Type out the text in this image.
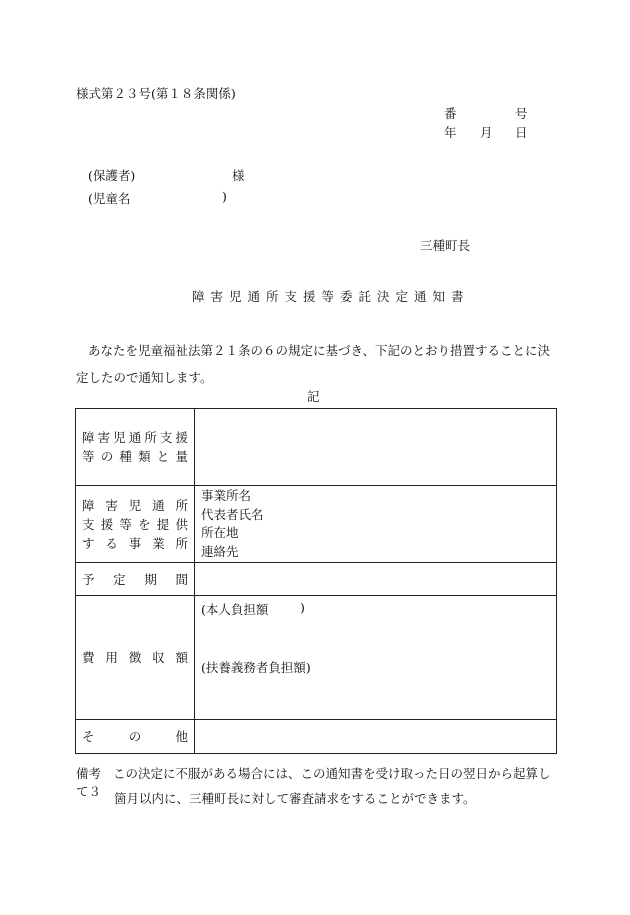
様式第２３号(第１８条関係)
番	号
年 月 日
(保護者)	様
(児童名	)
三種町長
障害児通所支援等委託決定通知書
あなたを児童福祉法第２１条の６の規定に基づき、下記のとおり措置することに決定したので通知します。
記
障害児通所支援
等の種類と量	

障害児通所
支援等を提供
する事業所	事業所名
代表者氏名
所在地
連絡先

予定期間	

費用徴収額	(本人負担額 )
(扶養義務者負担額)

その他	

備考 この決定に不服がある場合には、この通知書を受け取った日の翌日から起算して３	箇月以内に、三種町長に対して審査請求をすることができます。
